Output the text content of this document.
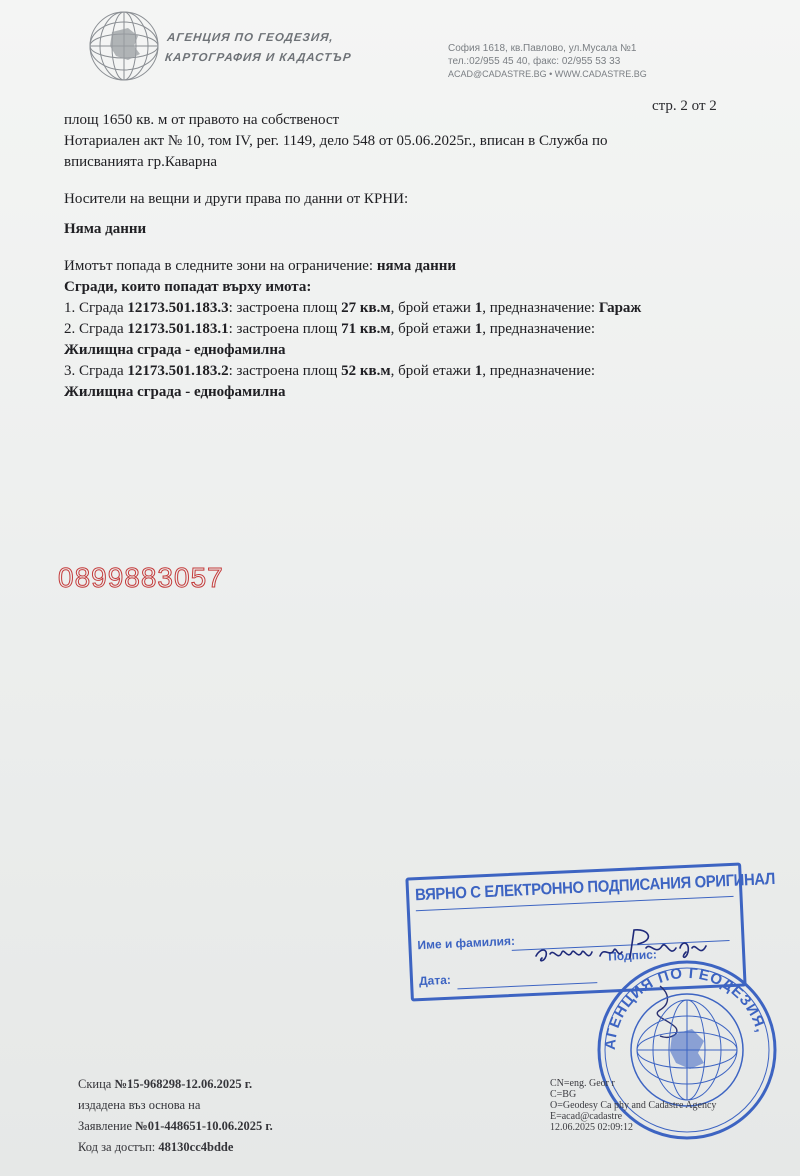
АГЕНЦИЯ ПО ГЕОДЕЗИЯ,
КАРТОГРАФИЯ И КАДАСТЪР
София 1618, кв.Павлово, ул.Мусала №1
тел.:02/955 45 40, факс: 02/955 53 33
ACAD@CADASTRE.BG • WWW.CADASTRE.BG
стр. 2 от 2

площ 1650 кв. м от правото на собственост

Нотариален акт № 10, том IV, рег. 1149, дело 548 от 05.06.2025г., вписан в Служба по

вписванията гр.Каварна

Носители на вещни и други права по данни от КРНИ:

Няма данни

Имотът попада в следните зони на ограничение: няма данни

Сгради, които попадат върху имота:

1. Сграда 12173.501.183.3: застроена площ 27 кв.м, брой етажи 1, предназначение: Гараж

2. Сграда 12173.501.183.1: застроена площ 71 кв.м, брой етажи 1, предназначение:

Жилищна сграда - еднофамилна

3. Сграда 12173.501.183.2: застроена площ 52 кв.м, брой етажи 1, предназначение:

Жилищна сграда - еднофамилна

0899883057
ВЯРНО С ЕЛЕКТРОННО ПОДПИСАНИЯ ОРИГИНАЛ
Име и фамилия:
Подпис:
Дата:
АГЕНЦИЯ ПО ГЕОДЕЗИЯ,
Скица №15-968298-12.06.2025 г.
издадена въз основа на
Заявление №01-448651-10.06.2025 г.
Код за достъп: 48130cc4bdde
CN=eng. Geor r
C=BG
O=Geodesy Ca phy and Cadastre Agency
E=acad@cadastre
12.06.2025 02:09:12
